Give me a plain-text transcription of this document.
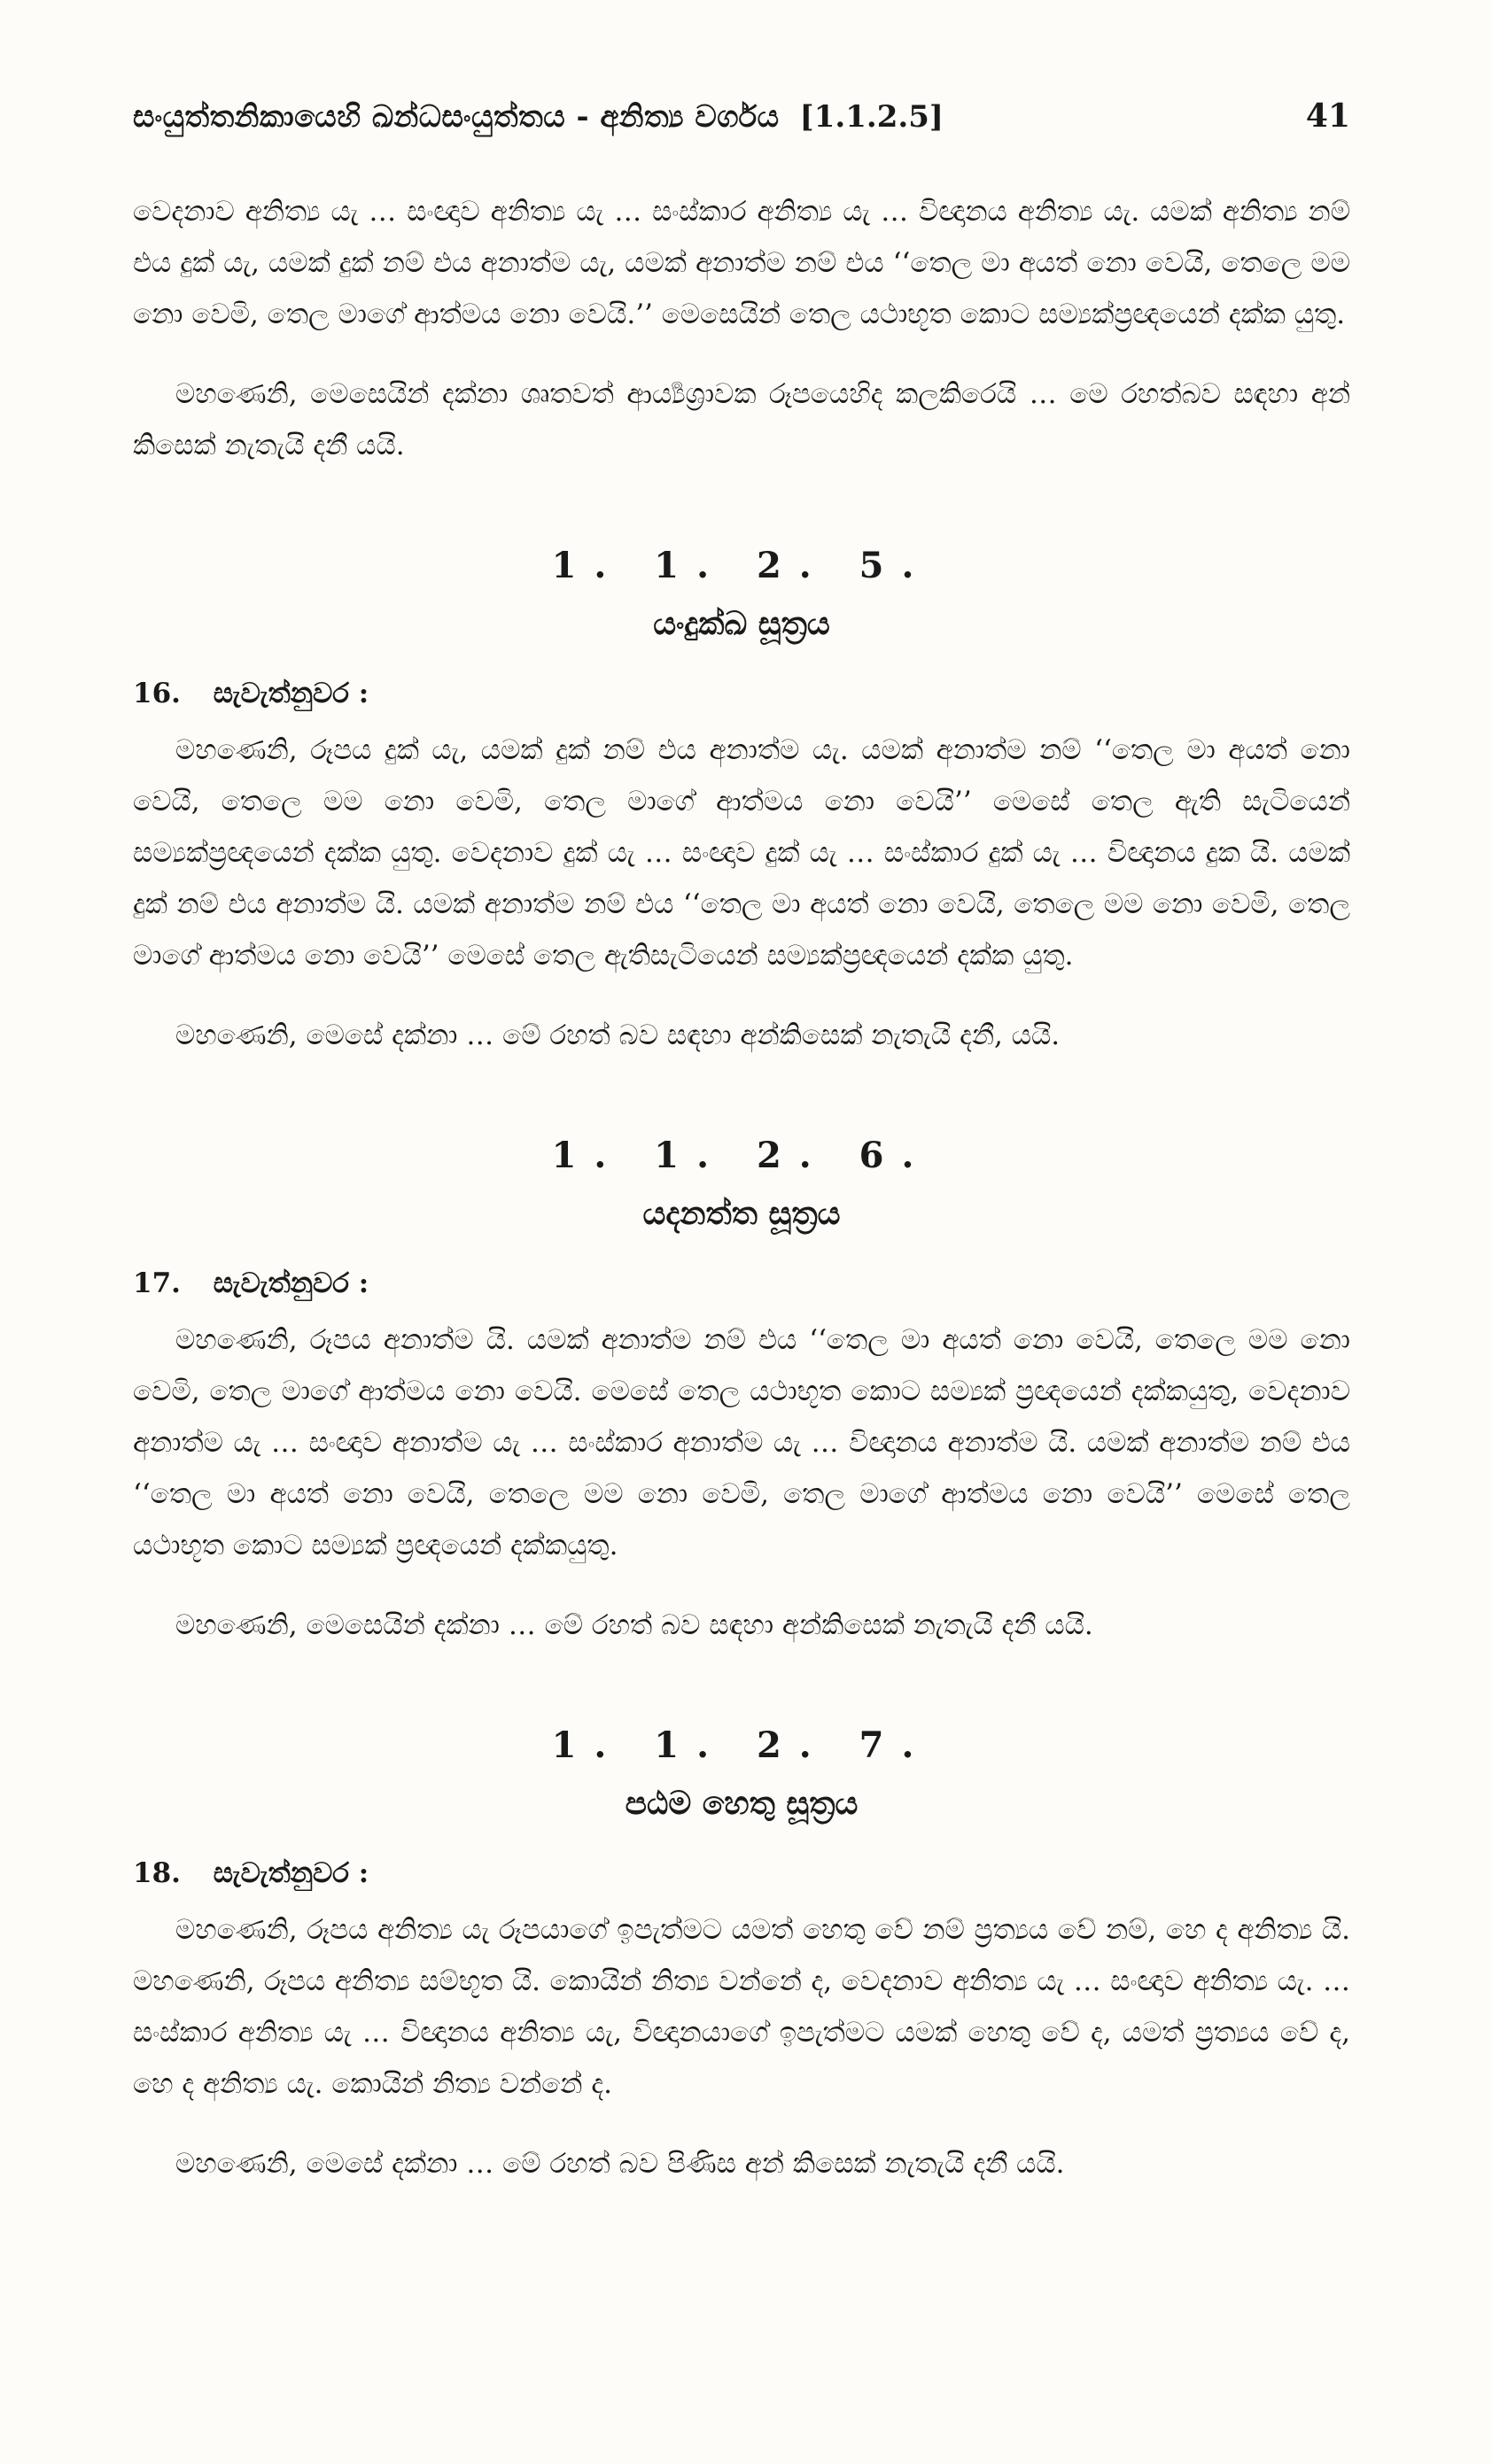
සංයුත්තනිකායෙහි ඛන්ධසංයුත්තය - අනිත්‍ය වර්ගය [1.1.2.5]	41

වෙදනාව අනිත්‍ය යැ … සංඥාව අනිත්‍ය යැ … සංස්කාර අනිත්‍ය යැ … විඥානය අනිත්‍ය යැ. යමක් අනිත්‍ය නම් එය දුක් යැ, යමක් දුක් නම් එය අනාත්ම යැ, යමක් අනාත්ම නම් එය ‘‘තෙල මා අයත් නො වෙයි, තෙලෙ මම නො වෙමි, තෙල මාගේ ආත්මය නො වෙයි.’’ මෙසෙයින් තෙල යථාභූත කොට සම්‍යක්ප්‍රඥයෙන් දක්ක යුතු.

මහණෙනි, මෙසෙයින් දක්නා ශ්‍රුතවත් ආර්‍ය්‍යශ්‍රාවක රූපයෙහිද කලකිරෙයි … මෙ රහත්බව සඳහා අන් කිසෙක් නැතැයි දනී යයි.

1. 1. 2. 5.
යංදුක්ඛ සූත්‍රය
16. සැවැත්නුවර :

මහණෙනි, රූපය දුක් යැ, යමක් දුක් නම් එය අනාත්ම යැ. යමක් අනාත්ම නම් ‘‘තෙල මා අයත් නො වෙයි, තෙලෙ මම නො වෙමි, තෙල මාගේ ආත්මය නො වෙයි’’ මෙසේ තෙල ඇති සැටියෙන් සම්‍යක්ප්‍රඥයෙන් දක්ක යුතු. වෙදනාව දුක් යැ … සංඥාව දුක් යැ … සංස්කාර දුක් යැ … විඥානය දුක යි. යමක් දුක් නම් එය අනාත්ම යි. යමක් අනාත්ම නම් එය ‘‘තෙල මා අයත් නො වෙයි, තෙලෙ මම නො වෙමි, තෙල මාගේ ආත්මය නො වෙයි’’ මෙසේ තෙල ඇතිසැටියෙන් සම්‍යක්ප්‍රඥයෙන් දක්ක යුතු.

මහණෙනි, මෙසේ දක්නා … මේ රහත් බව සඳහා අන්කිසෙක් නැතැයි දනී, යයි.

1. 1. 2. 6.
යදනත්ත සූත්‍රය
17. සැවැත්නුවර :

මහණෙනි, රූපය අනාත්ම යි. යමක් අනාත්ම නම් එය ‘‘තෙල මා අයත් නො වෙයි, තෙලෙ මම නො වෙමි, තෙල මාගේ ආත්මය නො වෙයි. මෙසේ තෙල යථාභූත කොට සම්‍යක් ප්‍රඥයෙන් දක්කයුතු, වෙදනාව අනාත්ම යැ … සංඥාව අනාත්ම යැ … සංස්කාර අනාත්ම යැ … විඥානය අනාත්ම යි. යමක් අනාත්ම නම් එය ‘‘තෙල මා අයත් නො වෙයි, තෙලෙ මම නො වෙමි, තෙල මාගේ ආත්මය නො වෙයි’’ මෙසේ තෙල යථාභූත කොට සම්‍යක් ප්‍රඥයෙන් දක්කයුතු.

මහණෙනි, මෙසෙයින් දක්නා … මේ රහත් බව සඳහා අන්කිසෙක් නැතැයි දනී යයි.

1. 1. 2. 7.
පඨම හෙතු සූත්‍රය
18. සැවැත්නුවර :

මහණෙනි, රූපය අනිත්‍ය යැ රූපයාගේ ඉපැත්මට යමත් හෙතු වේ නම් ප්‍රත්‍යය වේ නම්, හෙ ද අනිත්‍ය යි. මහණෙනි, රූපය අනිත්‍ය සම්භූත යි. කොයින් නිත්‍ය වන්නේ ද, වෙදනාව අනිත්‍ය යැ … සංඥාව අනිත්‍ය යැ. … සංස්කාර අනිත්‍ය යැ … විඥානය අනිත්‍ය යැ, විඥානයාගේ ඉපැත්මට යමක් හෙතු වේ ද, යමත් ප්‍රත්‍යය වේ ද, හෙ ද අනිත්‍ය යැ. කොයින් නිත්‍ය වන්නේ ද.

මහණෙනි, මෙසේ දක්නා … මේ රහත් බව පිණිස අන් කිසෙක් නැතැයි දනී යයි.
